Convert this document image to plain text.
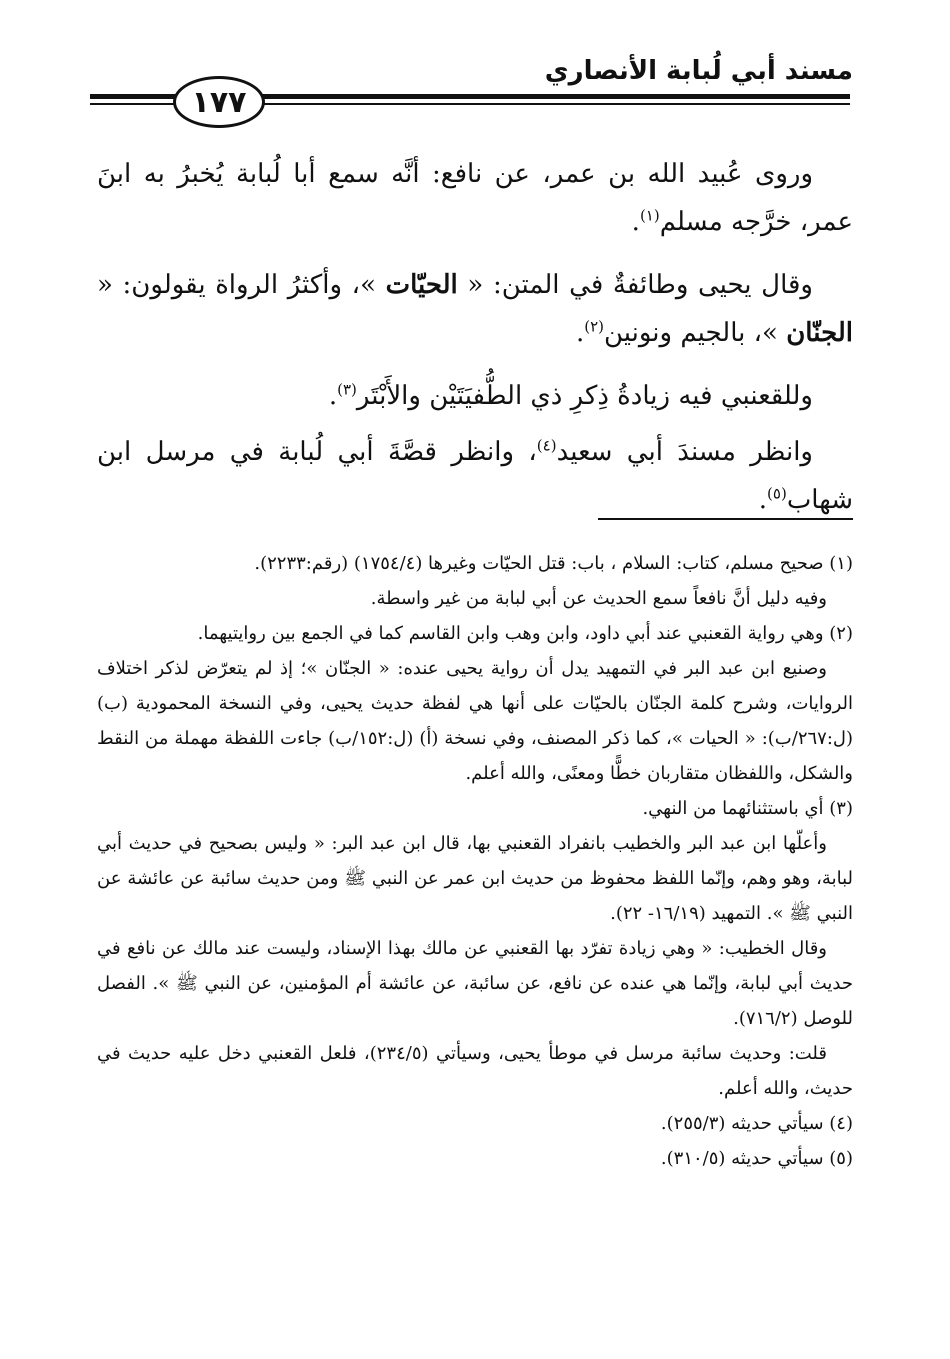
مسند أبي لُبابة الأنصاري
١٧٧

وروى عُبيد الله بن عمر، عن نافع: أنَّه سمع أبا لُبابة يُخبرُ به ابنَ عمر، خرَّجه مسلم$^{(١)}$.

وقال يحيى وطائفةٌ في المتن: « الحيّات »، وأكثرُ الرواة يقولون: « الجنّان »، بالجيم ونونين$^{(٢)}$.

وللقعنبي فيه زيادةُ ذِكرِ ذي الطُّفيَتَيْن والأَبْتَر$^{(٣)}$.

وانظر مسندَ أبي سعيد$^{(٤)}$، وانظر قصَّةَ أبي لُبابة في مرسل ابن شهاب$^{(٥)}$.

(١) صحيح مسلم، كتاب: السلام ، باب: قتل الحيّات وغيرها (١٧٥٤/٤) (رقم:٢٢٣٣).

وفيه دليل أنَّ نافعاً سمع الحديث عن أبي لبابة من غير واسطة.

(٢) وهي رواية القعنبي عند أبي داود، وابن وهب وابن القاسم كما في الجمع بين روايتيهما.

وصنيع ابن عبد البر في التمهيد يدل أن رواية يحيى عنده: « الجنّان »؛ إذ لم يتعرّض لذكر اختلاف الروايات، وشرح كلمة الجنّان بالحيّات على أنها هي لفظة حديث يحيى، وفي النسخة المحمودية (ب) (ل:٢٦٧/ب): « الحيات »، كما ذكر المصنف، وفي نسخة (أ) (ل:١٥٢/ب) جاءت اللفظة مهملة من النقط والشكل، واللفظان متقاربان خطًّا ومعنًى، والله أعلم.

(٣) أي باستثنائهما من النهي.

وأعلّها ابن عبد البر والخطيب بانفراد القعنبي بها، قال ابن عبد البر: « وليس بصحيح في حديث أبي لبابة، وهو وهم، وإنّما اللفظ محفوظ من حديث ابن عمر عن النبي ﷺ ومن حديث سائبة عن عائشة عن النبي ﷺ ». التمهيد (١٦/١٩- ٢٢).

وقال الخطيب: « وهي زيادة تفرّد بها القعنبي عن مالك بهذا الإسناد، وليست عند مالك عن نافع في حديث أبي لبابة، وإنّما هي عنده عن نافع، عن سائبة، عن عائشة أم المؤمنين، عن النبي ﷺ ». الفصل للوصل (٧١٦/٢).

قلت: وحديث سائبة مرسل في موطأ يحيى، وسيأتي (٢٣٤/٥)، فلعل القعنبي دخل عليه حديث في حديث، والله أعلم.

(٤) سيأتي حديثه (٢٥٥/٣).

(٥) سيأتي حديثه (٣١٠/٥).
